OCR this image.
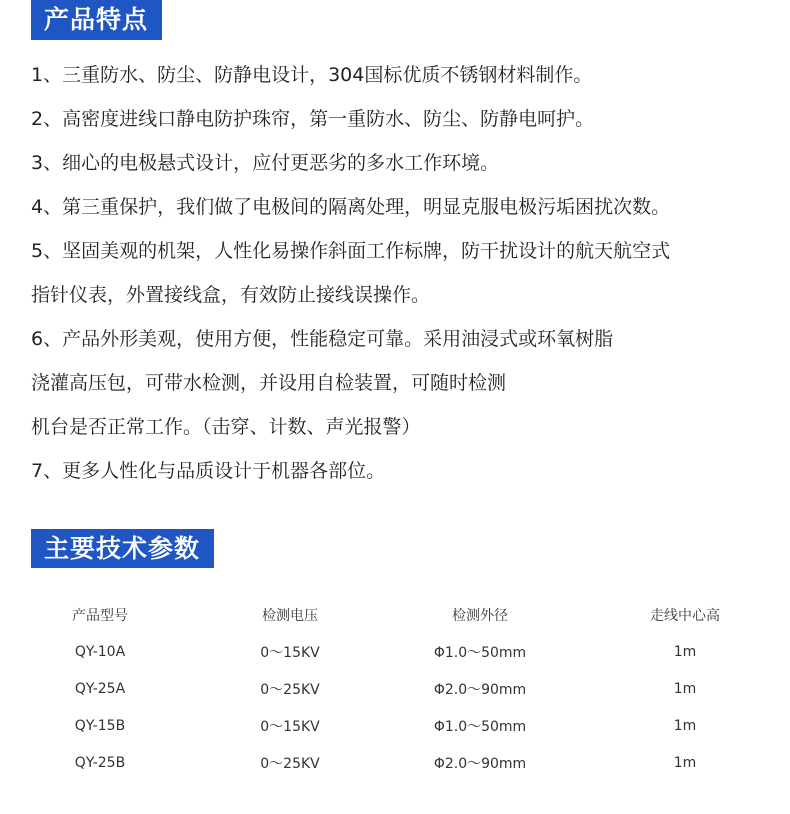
产品特点
1、三重防水、防尘、防静电设计，304国标优质不锈钢材料制作。
2、高密度进线口静电防护珠帘，第一重防水、防尘、防静电呵护。
3、细心的电极悬式设计，应付更恶劣的多水工作环境。
4、第三重保护，我们做了电极间的隔离处理，明显克服电极污垢困扰次数。
5、坚固美观的机架，人性化易操作斜面工作标牌，防干扰设计的航天航空式
指针仪表，外置接线盒，有效防止接线误操作。
6、产品外形美观，使用方便，性能稳定可靠。采用油浸式或环氧树脂
浇灌高压包，可带水检测，并设用自检装置，可随时检测
机台是否正常工作。（击穿、计数、声光报警）
7、更多人性化与品质设计于机器各部位。
主要技术参数
产品型号	检测电压	检测外径	走线中心高
QY-10A	0～15KV	Φ1.0～50mm	1m
QY-25A	0～25KV	Φ2.0～90mm	1m
QY-15B	0～15KV	Φ1.0～50mm	1m
QY-25B	0～25KV	Φ2.0～90mm	1m
